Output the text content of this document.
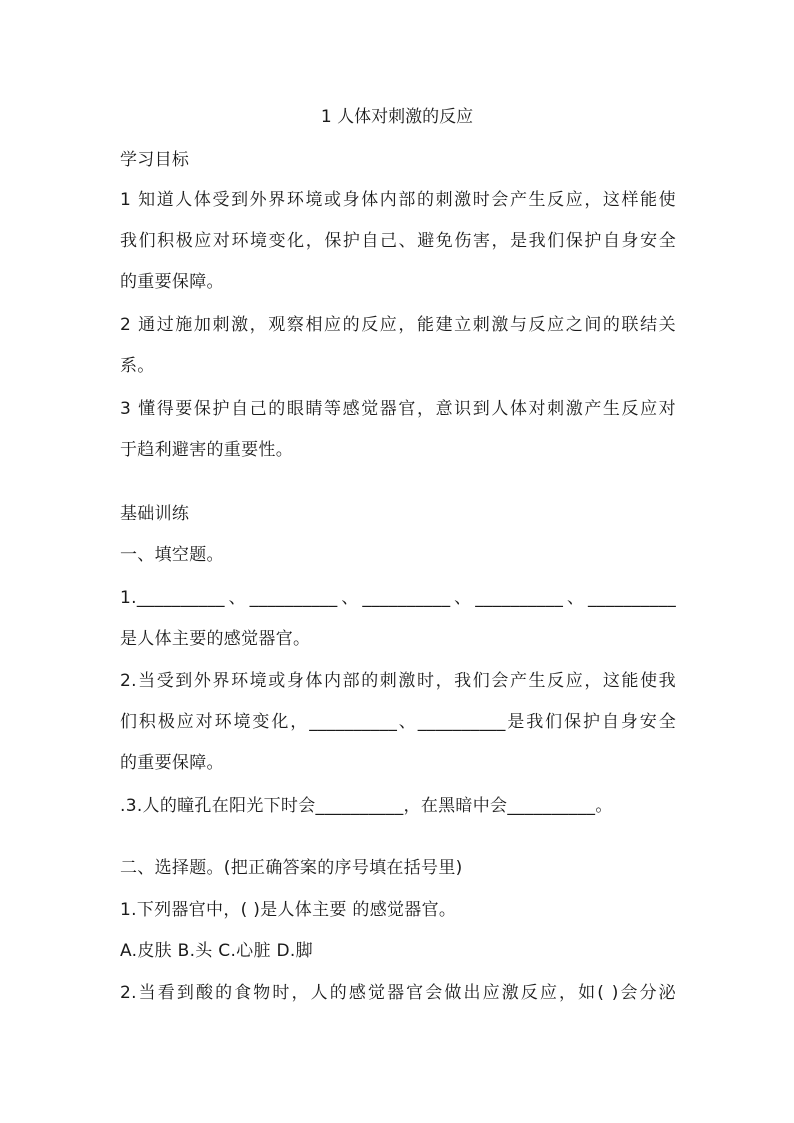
1 人体对刺激的反应
学习目标
1 知道人体受到外界环境或身体内部的刺激时会产生反应，这样能使
我们积极应对环境变化，保护自己、避免伤害，是我们保护自身安全
的重要保障。
2 通过施加刺激，观察相应的反应，能建立刺激与反应之间的联结关
系。
3 懂得要保护自己的眼睛等感觉器官，意识到人体对刺激产生反应对
于趋利避害的重要性。
基础训练
一、填空题。
1.__________、__________、__________、__________、__________
是人体主要的感觉器官。
2.当受到外界环境或身体内部的刺激时，我们会产生反应，这能使我
们积极应对环境变化，__________、__________是我们保护自身安全
的重要保障。
.3.人的瞳孔在阳光下时会__________，在黑暗中会__________。
二、选择题。(把正确答案的序号填在括号里)
1.下列器官中，( )是人体主要 的感觉器官。
A.皮肤 B.头 C.心脏 D.脚
2.当看到酸的食物时，人的感觉器官会做出应激反应，如( )会分泌
